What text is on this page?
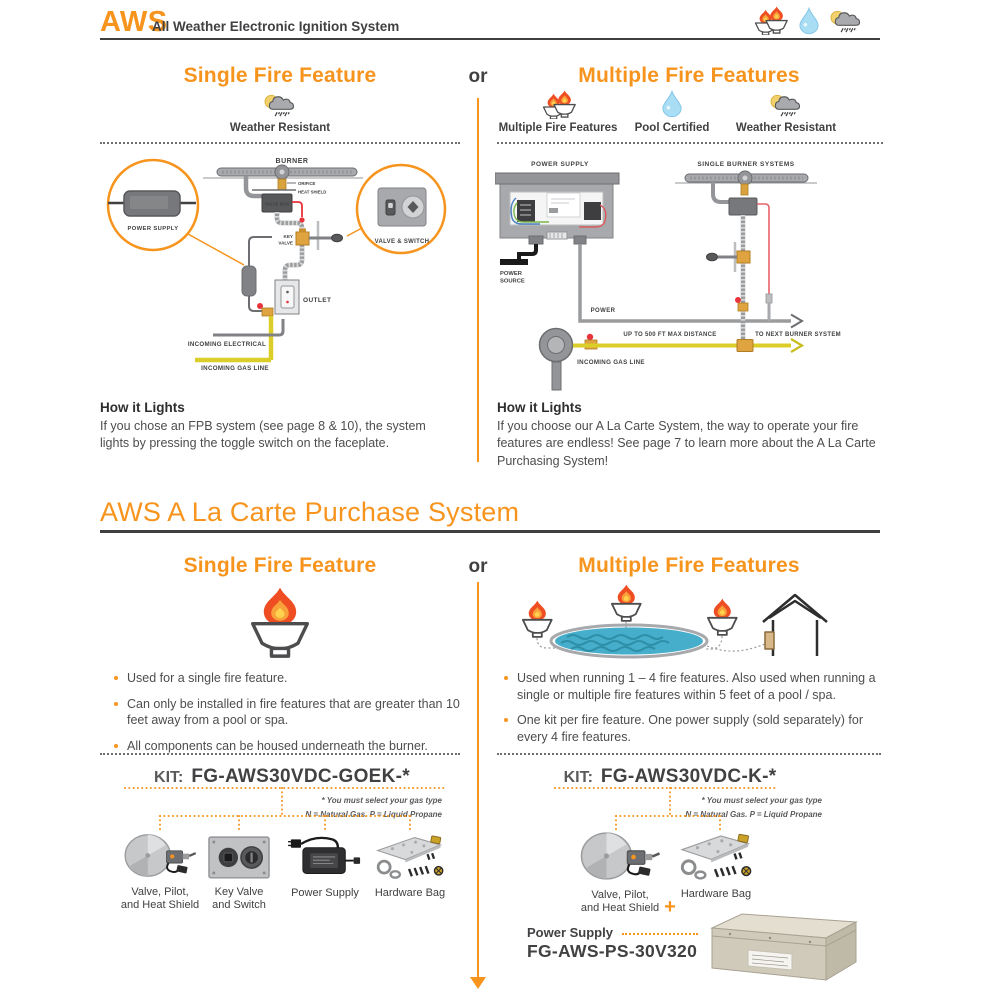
AWS
All Weather Electronic Ignition System
Single Fire Feature	or	Multiple Fire Features
Weather Resistant	Multiple Fire Features	Pool Certified	Weather Resistant
POWER SUPPLY
VALVE & SWITCH
BURNER
ORIFICE
HEAT SHIELD
VALVE BOX
KEY
VALVE
OUTLET
INCOMING ELECTRICAL
INCOMING GAS LINE
POWER SUPPLY
POWER
SOURCE
POWER
SINGLE BURNER SYSTEMS
UP TO 500 FT MAX DISTANCE	TO NEXT BURNER SYSTEM
INCOMING GAS LINE
How it Lights
If you chose an FPB system (see page 8 & 10), the system lights by pressing the toggle switch on the faceplate.
How it Lights
If you choose our A La Carte System, the way to operate your fire features are endless! See page 7 to learn more about the A La Carte Purchasing System!
AWS A La Carte Purchase System
Single Fire Feature	or	Multiple Fire Features
Used for a single fire feature.
Can only be installed in fire features that are greater than 10 feet away from a pool or spa.
All components can be housed underneath the burner.
Used when running 1 – 4 fire features. Also used when running a single or multiple fire features within 5 feet of a pool / spa.
One kit per fire feature. One power supply (sold separately) for every 4 fire features.
KIT: FG-AWS30VDC-GOEK-*
* You must select your gas type
N = Natural Gas. P = Liquid Propane
Valve, Pilot,
and Heat Shield
Key Valve
and Switch
Power Supply	Hardware Bag
KIT: FG-AWS30VDC-K-*
* You must select your gas type
N = Natural Gas. P = Liquid Propane
Valve, Pilot,
and Heat Shield
Hardware Bag
+
Power Supply
FG-AWS-PS-30V320
